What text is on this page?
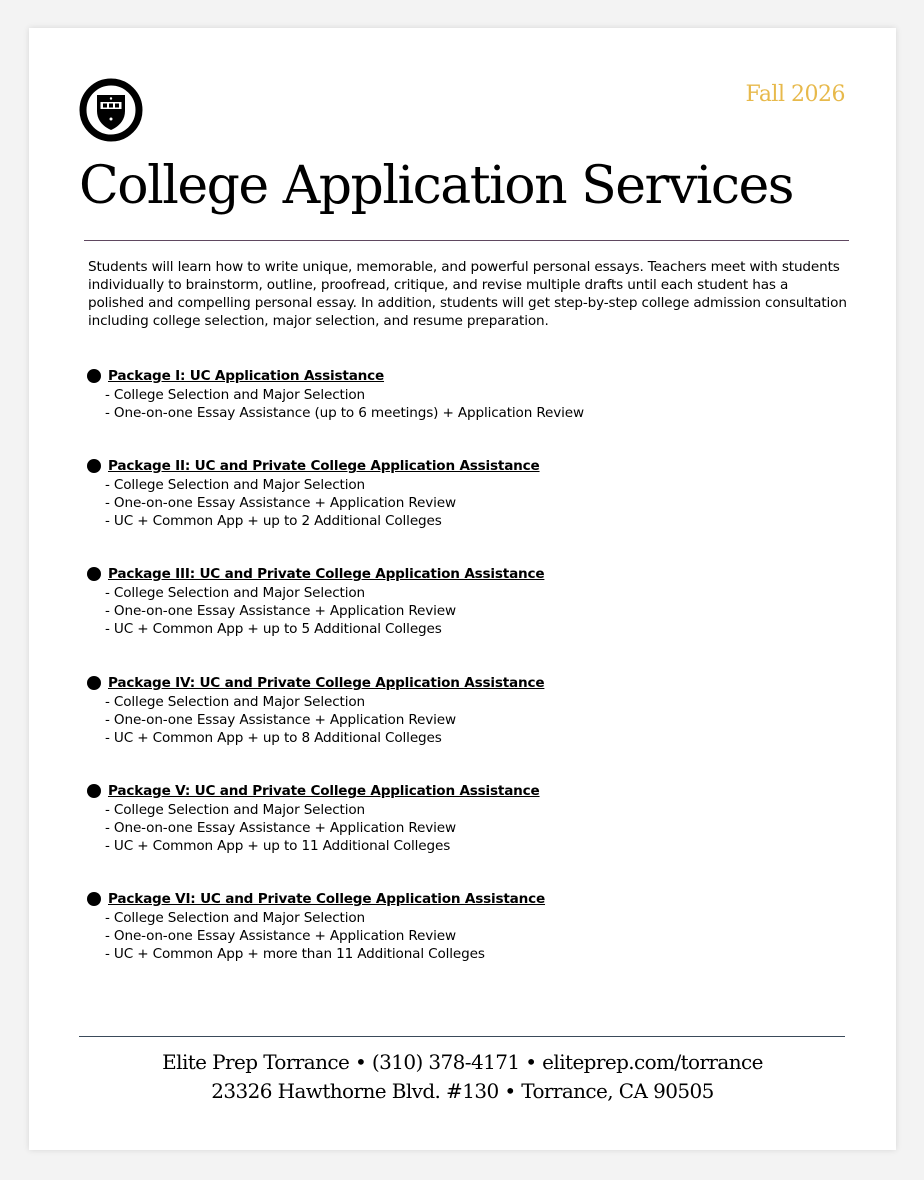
Fall 2026
College Application Services

Students will learn how to write unique, memorable, and powerful personal essays. Teachers meet with students individually to brainstorm, outline, proofread, critique, and revise multiple drafts until each student has a polished and compelling personal essay. In addition, students will get step-by-step college admission consultation including college selection, major selection, and resume preparation.

Package I: UC Application Assistance
- College Selection and Major Selection
- One-on-one Essay Assistance (up to 6 meetings) + Application Review
Package II: UC and Private College Application Assistance
- College Selection and Major Selection
- One-on-one Essay Assistance + Application Review
- UC + Common App + up to 2 Additional Colleges
Package III: UC and Private College Application Assistance
- College Selection and Major Selection
- One-on-one Essay Assistance + Application Review
- UC + Common App + up to 5 Additional Colleges
Package IV: UC and Private College Application Assistance
- College Selection and Major Selection
- One-on-one Essay Assistance + Application Review
- UC + Common App + up to 8 Additional Colleges
Package V: UC and Private College Application Assistance
- College Selection and Major Selection
- One-on-one Essay Assistance + Application Review
- UC + Common App + up to 11 Additional Colleges
Package VI: UC and Private College Application Assistance
- College Selection and Major Selection
- One-on-one Essay Assistance + Application Review
- UC + Common App + more than 11 Additional Colleges
Elite Prep Torrance • (310) 378-4171 • eliteprep.com/torrance
23326 Hawthorne Blvd. #130 • Torrance, CA 90505
